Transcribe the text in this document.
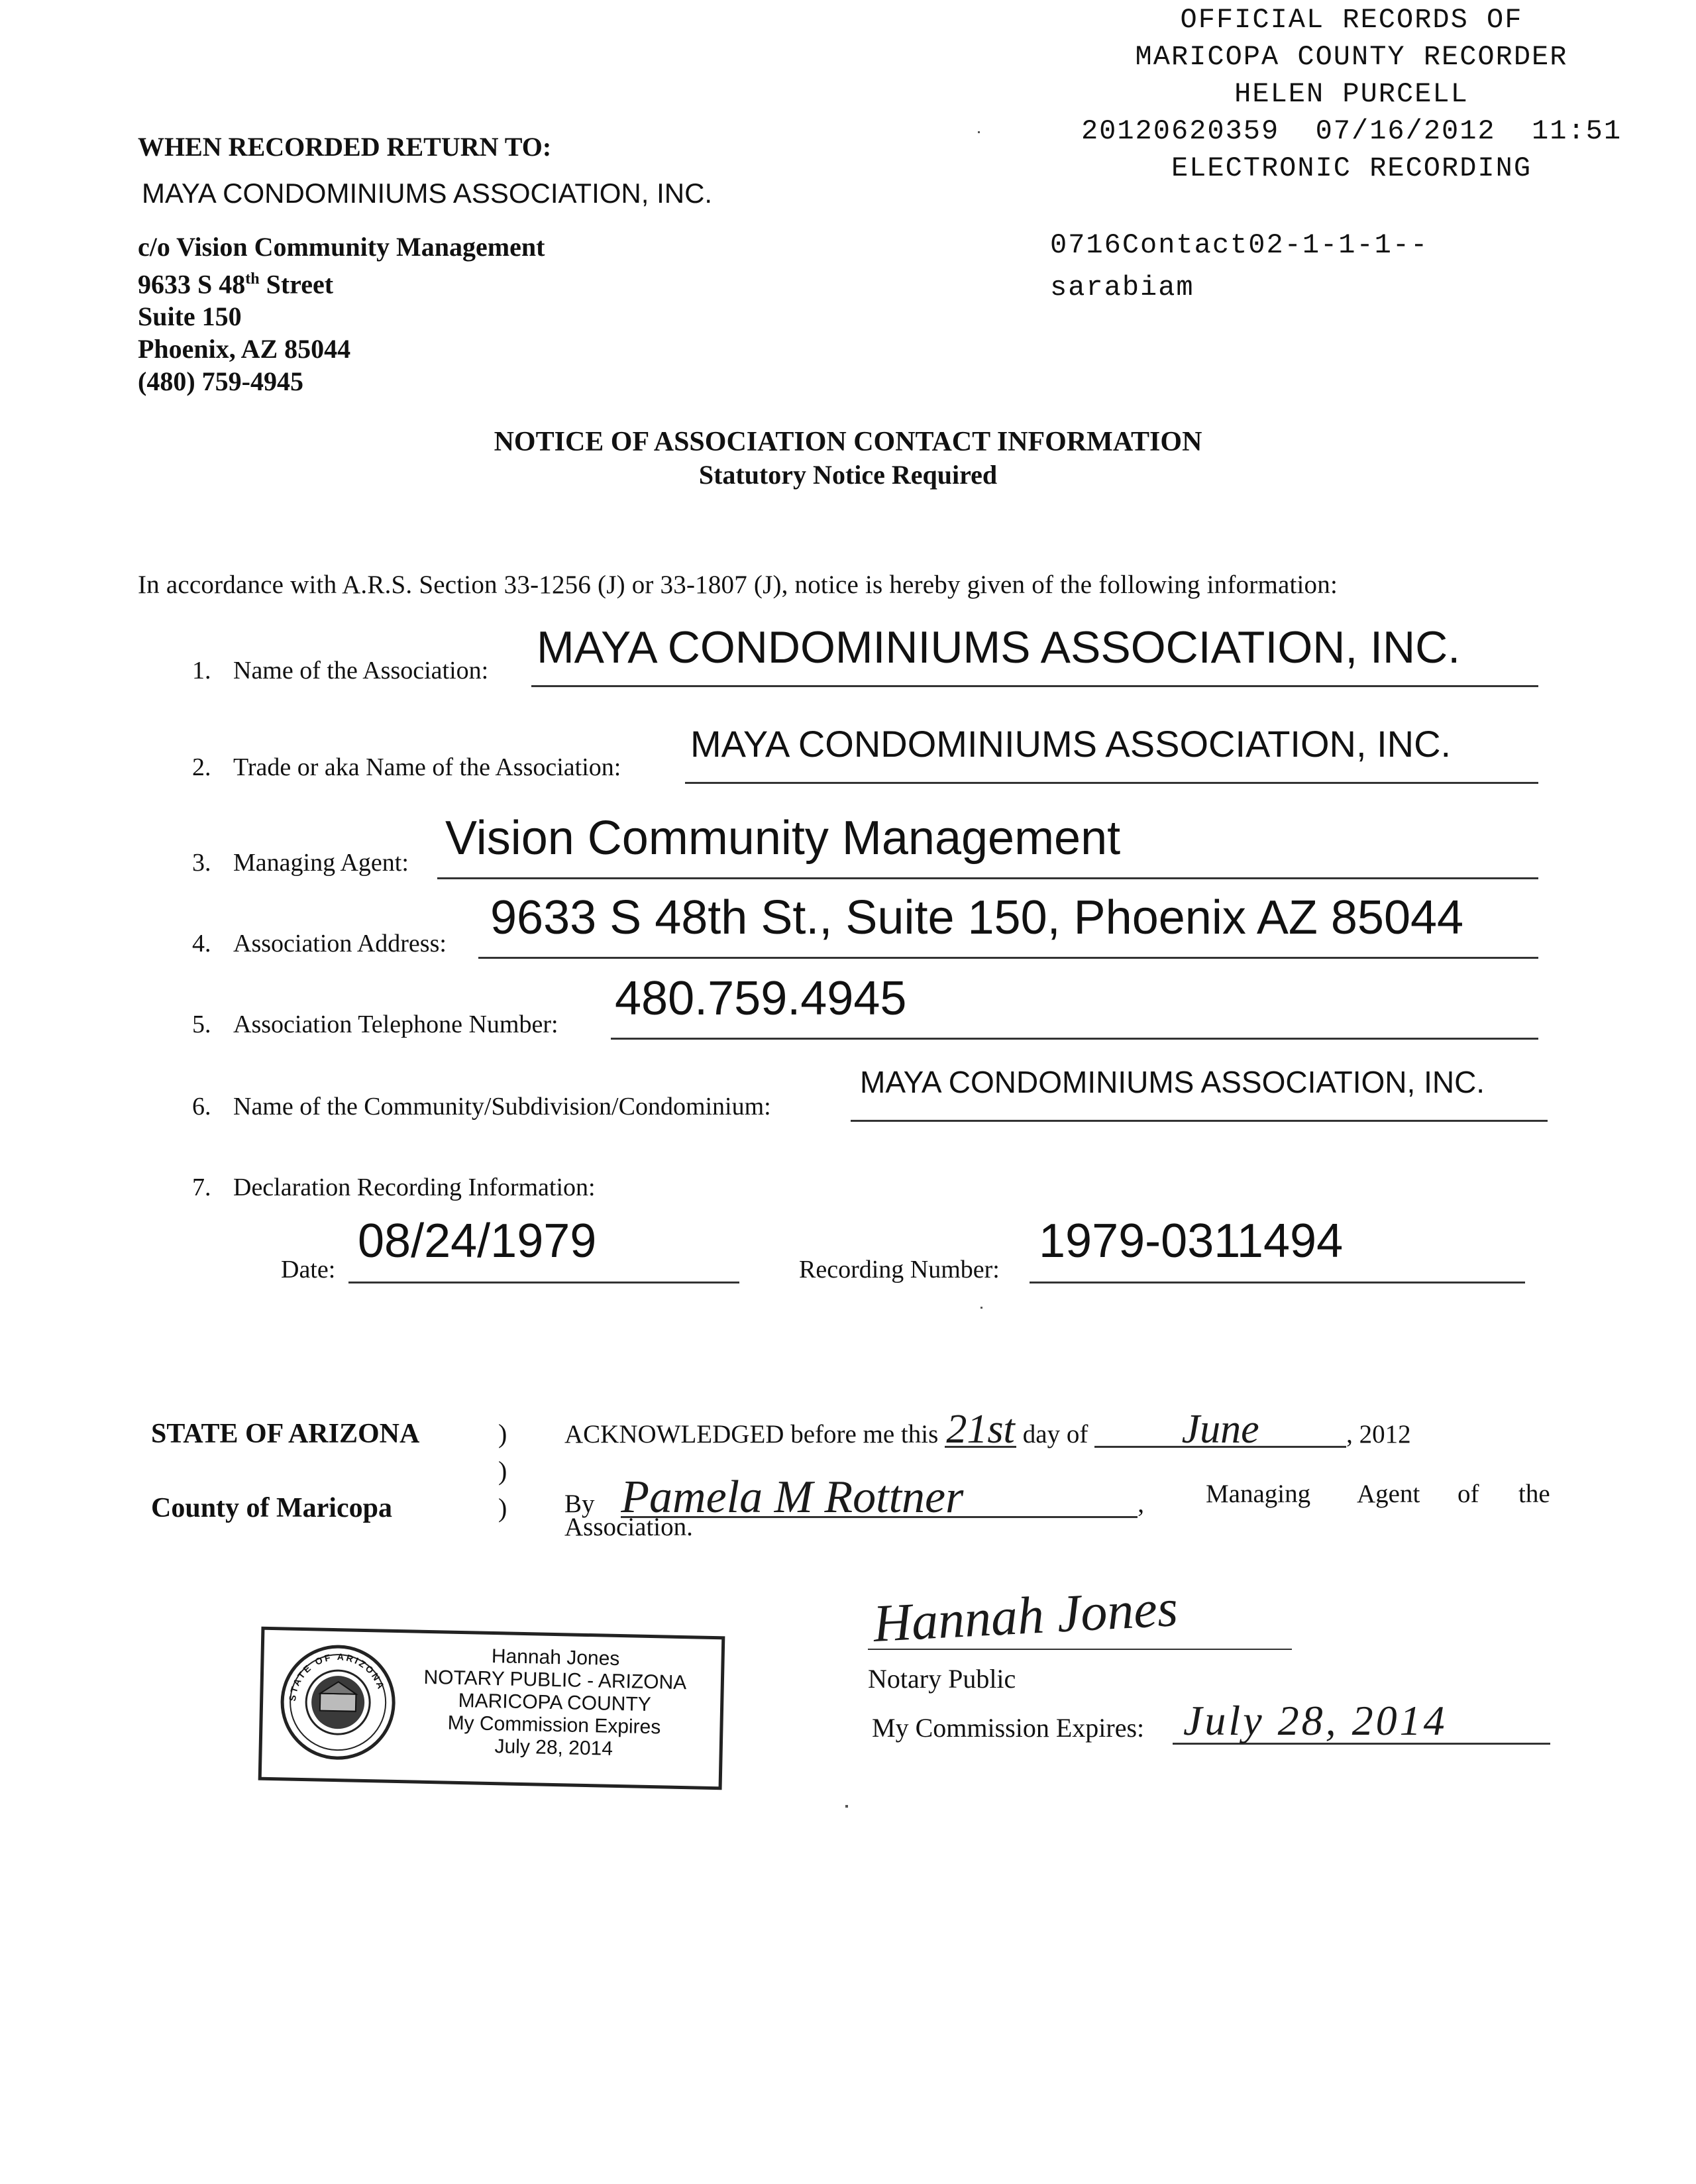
OFFICIAL RECORDS OF
MARICOPA COUNTY RECORDER
HELEN PURCELL
20120620359  07/16/2012  11:51
ELECTRONIC RECORDING
0716Contact02-1-1-1--
sarabiam
WHEN RECORDED RETURN TO:
MAYA CONDOMINIUMS ASSOCIATION, INC.
c/o Vision Community Management
9633 S 48th Street
Suite 150
Phoenix, AZ 85044
(480) 759-4945
NOTICE OF ASSOCIATION CONTACT INFORMATION
Statutory Notice Required
In accordance with A.R.S. Section 33-1256 (J) or 33-1807 (J), notice is hereby given of the following information:
1. Name of the Association: MAYA CONDOMINIUMS ASSOCIATION, INC.
2. Trade or aka Name of the Association:
MAYA CONDOMINIUMS ASSOCIATION, INC.
3. Managing Agent: Vision Community Management
4. Association Address: 9633 S 48th St., Suite 150, Phoenix AZ 85044
5. Association Telephone Number: 480.759.4945
6. Name of the Community/Subdivision/Condominium:
MAYA CONDOMINIUMS ASSOCIATION, INC.
7. Declaration Recording Information:
Date:
08/24/1979
Recording Number:
1979-0311494
STATE OF ARIZONA
County of Maricopa
)
)
)
ACKNOWLEDGED before me this 21st day of June	, 2012
By Pamela M Rottner	, Managing Agent of the
Association.
Hannah Jones
Notary Public
My Commission Expires: July 28, 2014
STATE OF ARIZONA
Hannah Jones
NOTARY PUBLIC - ARIZONA
MARICOPA COUNTY
My Commission Expires
July 28, 2014
